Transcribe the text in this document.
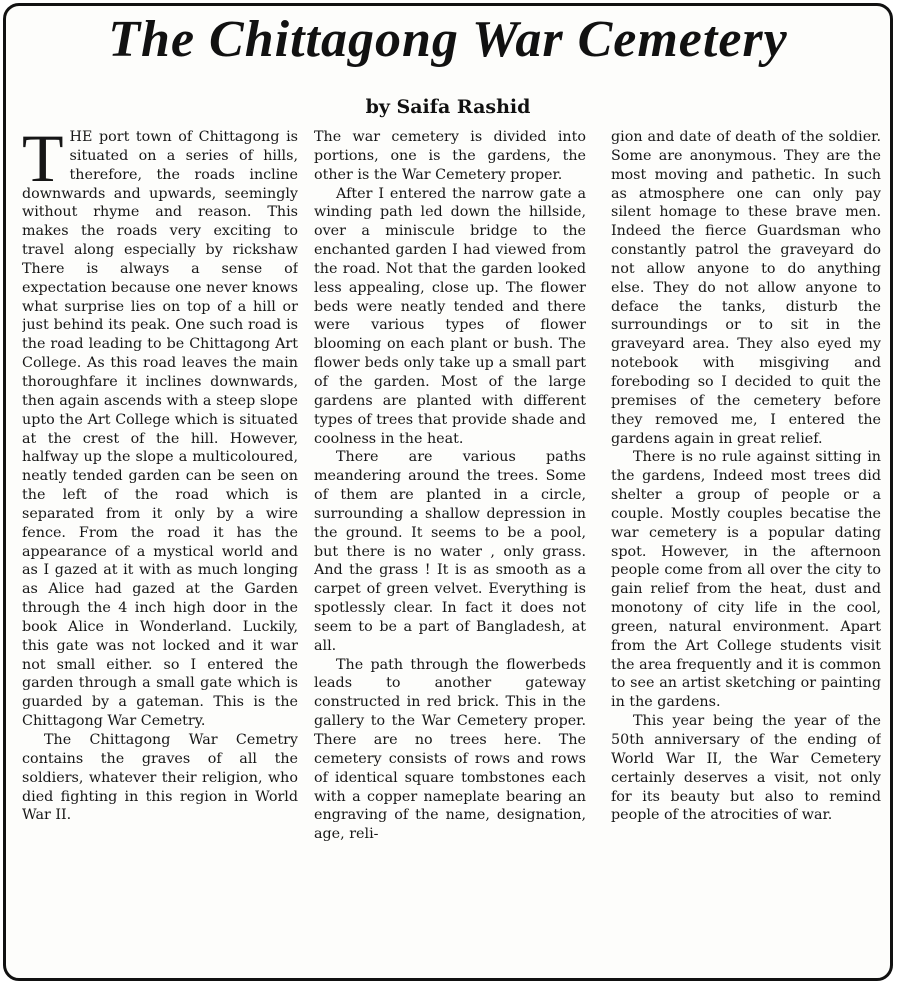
The Chittagong War Cemetery
by Saifa Rashid

THE port town of Chittagong is situated on a series of hills, therefore, the roads incline downwards and upwards, seemingly without rhyme and reason. This makes the roads very exciting to travel along especially by rickshaw There is always a sense of expectation because one never knows what surprise lies on top of a hill or just behind its peak. One such road is the road leading to be Chittagong Art College. As this road leaves the main thoroughfare it inclines downwards, then again ascends with a steep slope upto the Art College which is situated at the crest of the hill. However, halfway up the slope a multicoloured, neatly tended garden can be seen on the left of the road which is separated from it only by a wire fence. From the road it has the appearance of a mystical world and as I gazed at it with as much longing as Alice had gazed at the Garden through the 4 inch high door in the book Alice in Wonderland. Luckily, this gate was not locked and it war not small either. so I entered the garden through a small gate which is guarded by a gateman. This is the Chittagong War Cemetry.

The Chittagong War Cemetry contains the graves of all the soldiers, whatever their religion, who died fighting in this region in World War II.

The war cemetery is divided into portions, one is the gardens, the other is the War Cemetery proper.

After I entered the narrow gate a winding path led down the hillside, over a miniscule bridge to the enchanted garden I had viewed from the road. Not that the garden looked less appealing, close up. The flower beds were neatly tended and there were various types of flower blooming on each plant or bush. The flower beds only take up a small part of the garden. Most of the large gardens are planted with different types of trees that provide shade and coolness in the heat.

There are various paths meandering around the trees. Some of them are planted in a circle, surrounding a shallow depression in the ground. It seems to be a pool, but there is no water , only grass. And the grass ! It is as smooth as a carpet of green velvet. Everything is spotlessly clear. In fact it does not seem to be a part of Bangladesh, at all.

The path through the flowerbeds leads to another gateway constructed in red brick. This in the gallery to the War Cemetery proper. There are no trees here. The cemetery consists of rows and rows of identical square tombstones each with a copper nameplate bearing an engraving of the name, designation, age, reli-

gion and date of death of the soldier. Some are anonymous. They are the most moving and pathetic. In such as atmosphere one can only pay silent homage to these brave men. Indeed the fierce Guardsman who constantly patrol the graveyard do not allow anyone to do anything else. They do not allow anyone to deface the tanks, disturb the surroundings or to sit in the graveyard area. They also eyed my notebook with misgiving and foreboding so I decided to quit the premises of the cemetery before they removed me, I entered the gardens again in great relief.

There is no rule against sitting in the gardens, Indeed most trees did shelter a group of people or a couple. Mostly couples becatise the war cemetery is a popular dating spot. However, in the afternoon people come from all over the city to gain relief from the heat, dust and monotony of city life in the cool, green, natural environment. Apart from the Art College students visit the area frequently and it is common to see an artist sketching or painting in the gardens.

This year being the year of the 50th anniversary of the ending of World War II, the War Cemetery certainly deserves a visit, not only for its beauty but also to remind people of the atrocities of war.
